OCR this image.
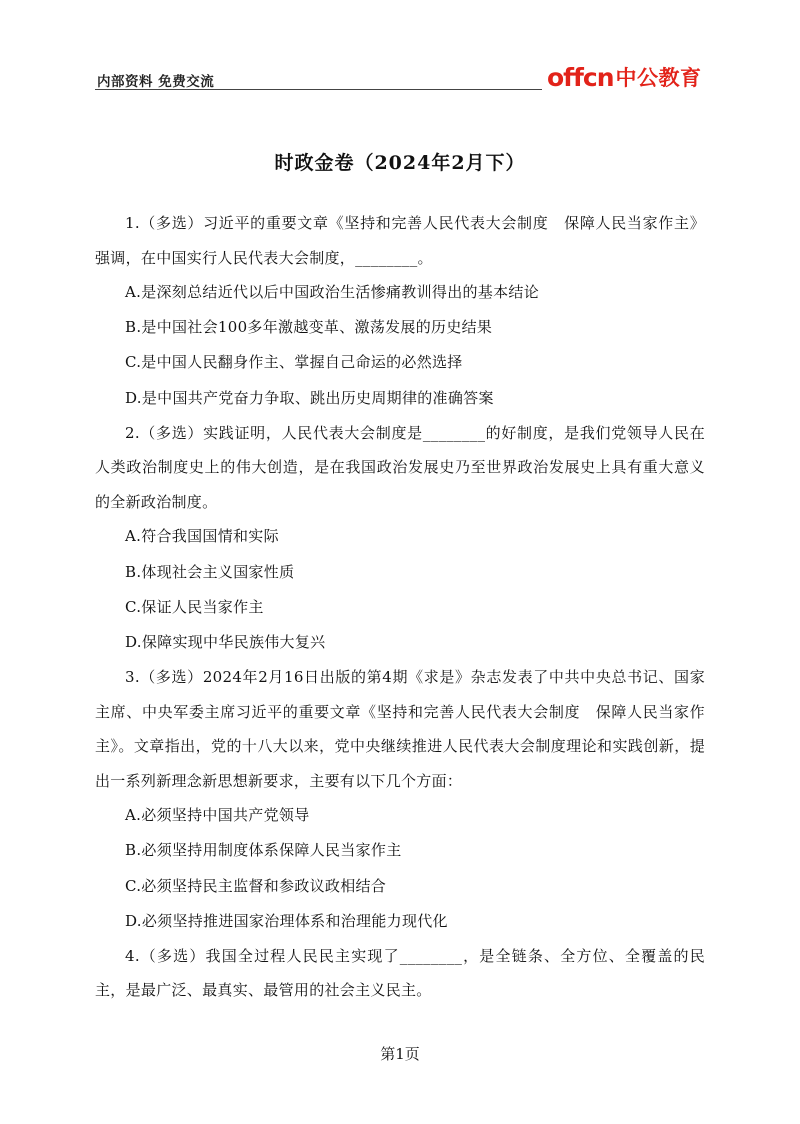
内部资料 免费交流	offcn 中公教育
时政金卷（2024年2月下）

1.（多选）习近平的重要文章《坚持和完善人民代表大会制度　保障人民当家作主》强调，在中国实行人民代表大会制度，________。

A.是深刻总结近代以后中国政治生活惨痛教训得出的基本结论

B.是中国社会100多年激越变革、激荡发展的历史结果

C.是中国人民翻身作主、掌握自己命运的必然选择

D.是中国共产党奋力争取、跳出历史周期律的准确答案

2.（多选）实践证明，人民代表大会制度是________的好制度，是我们党领导人民在人类政治制度史上的伟大创造，是在我国政治发展史乃至世界政治发展史上具有重大意义的全新政治制度。

A.符合我国国情和实际

B.体现社会主义国家性质

C.保证人民当家作主

D.保障实现中华民族伟大复兴

3.（多选）2024年2月16日出版的第4期《求是》杂志发表了中共中央总书记、国家主席、中央军委主席习近平的重要文章《坚持和完善人民代表大会制度　保障人民当家作主》。文章指出，党的十八大以来，党中央继续推进人民代表大会制度理论和实践创新，提出一系列新理念新思想新要求，主要有以下几个方面：

A.必须坚持中国共产党领导

B.必须坚持用制度体系保障人民当家作主

C.必须坚持民主监督和参政议政相结合

D.必须坚持推进国家治理体系和治理能力现代化

4.（多选）我国全过程人民民主实现了________，是全链条、全方位、全覆盖的民主，是最广泛、最真实、最管用的社会主义民主。

第1页
